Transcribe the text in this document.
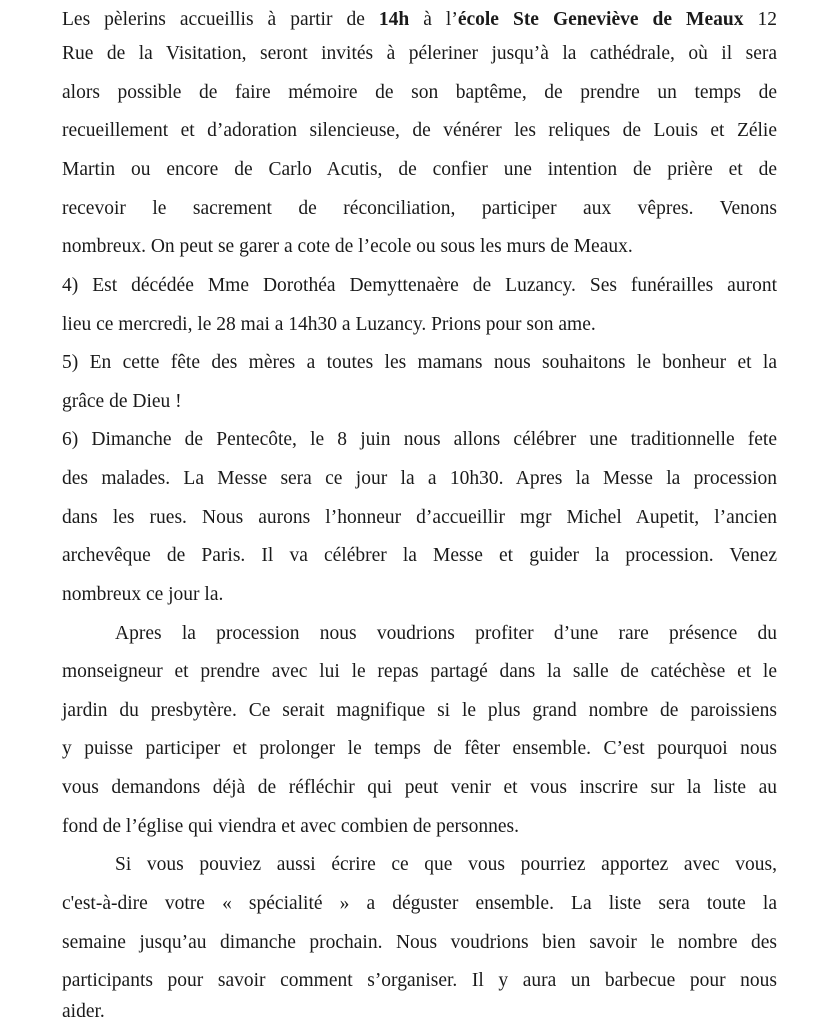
Les pèlerins accueillis à partir de 14h à l’école Ste Geneviève de Meaux 12
Rue de la Visitation, seront invités à péleriner jusqu’à la cathédrale, où il sera
alors possible de faire mémoire de son baptême, de prendre un temps de
recueillement et d’adoration silencieuse, de vénérer les reliques de Louis et Zélie
Martin ou encore de Carlo Acutis, de confier une intention de prière et de
recevoir le sacrement de réconciliation, participer aux vêpres. Venons
nombreux. On peut se garer a cote de l’ecole ou sous les murs de Meaux.
4) Est décédée Mme Dorothéa Demyttenaère de Luzancy. Ses funérailles auront
lieu ce mercredi, le 28 mai a 14h30 a Luzancy. Prions pour son ame.
5) En cette fête des mères a toutes les mamans nous souhaitons le bonheur et la
grâce de Dieu !
6) Dimanche de Pentecôte, le 8 juin nous allons célébrer une traditionnelle fete
des malades. La Messe sera ce jour la a 10h30. Apres la Messe la procession
dans les rues. Nous aurons l’honneur d’accueillir mgr Michel Aupetit, l’ancien
archevêque de Paris. Il va célébrer la Messe et guider la procession. Venez
nombreux ce jour la.
Apres la procession nous voudrions profiter d’une rare présence du
monseigneur et prendre avec lui le repas partagé dans la salle de catéchèse et le
jardin du presbytère. Ce serait magnifique si le plus grand nombre de paroissiens
y puisse participer et prolonger le temps de fêter ensemble. C’est pourquoi nous
vous demandons déjà de réfléchir qui peut venir et vous inscrire sur la liste au
fond de l’église qui viendra et avec combien de personnes.
Si vous pouviez aussi écrire ce que vous pourriez apportez avec vous,
c'est-à-dire votre « spécialité » a déguster ensemble. La liste sera toute la
semaine jusqu’au dimanche prochain. Nous voudrions bien savoir le nombre des
participants pour savoir comment s’organiser. Il y aura un barbecue pour nous
aider.
